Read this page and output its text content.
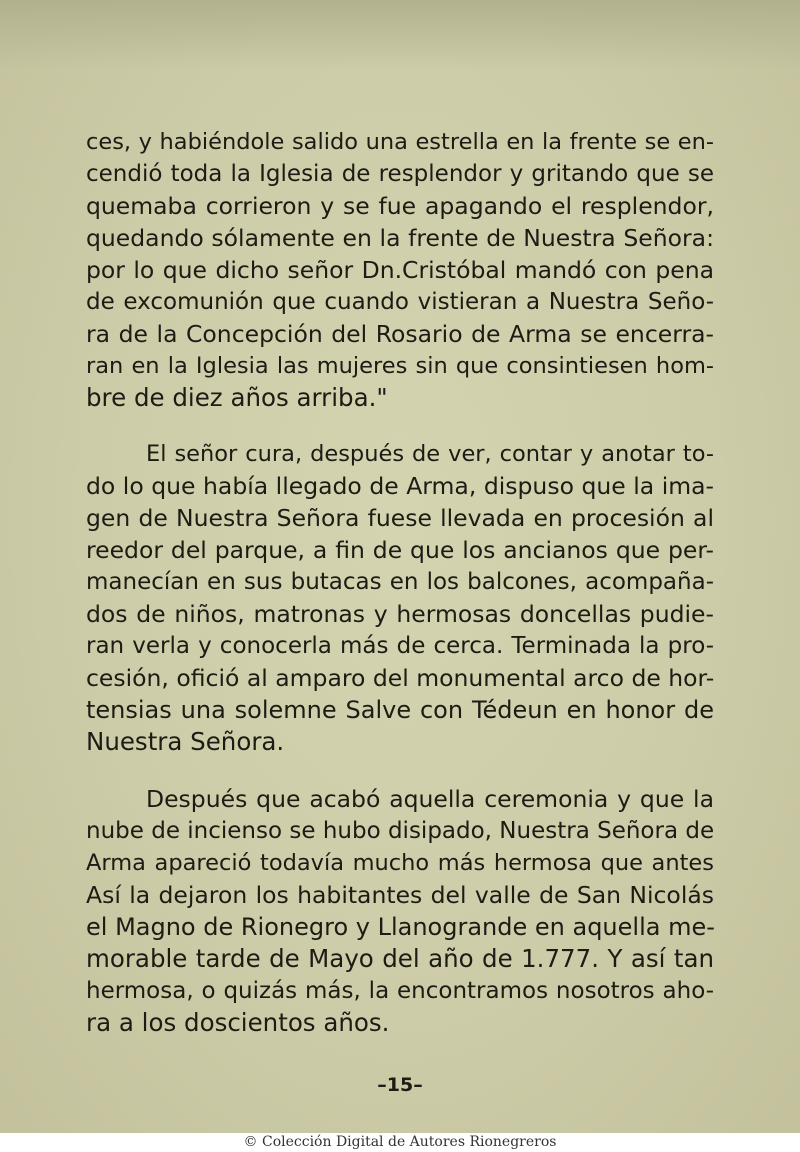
ces, y habiéndole salido una estrella en la frente se en-
cendió toda la Iglesia de resplendor y gritando que se
quemaba corrieron y se fue apagando el resplendor,
quedando sólamente en la frente de Nuestra Señora:
por lo que dicho señor Dn.Cristóbal mandó con pena
de excomunión que cuando vistieran a Nuestra Seño-
ra de la Concepción del Rosario de Arma se encerra-
ran en la Iglesia las mujeres sin que consintiesen hom-
bre de diez años arriba."
El señor cura, después de ver, contar y anotar to-
do lo que había llegado de Arma, dispuso que la ima-
gen de Nuestra Señora fuese llevada en procesión al
reedor del parque, a fin de que los ancianos que per-
manecían en sus butacas en los balcones, acompaña-
dos de niños, matronas y hermosas doncellas pudie-
ran verla y conocerla más de cerca. Terminada la pro-
cesión, ofició al amparo del monumental arco de hor-
tensias una solemne Salve con Tédeun en honor de
Nuestra Señora.
Después que acabó aquella ceremonia y que la
nube de incienso se hubo disipado, Nuestra Señora de
Arma apareció todavía mucho más hermosa que antes
Así la dejaron los habitantes del valle de San Nicolás
el Magno de Rionegro y Llanogrande en aquella me-
morable tarde de Mayo del año de 1.777. Y así tan
hermosa, o quizás más, la encontramos nosotros aho-
ra a los doscientos años.
–15–
© Colección Digital de Autores Rionegreros
